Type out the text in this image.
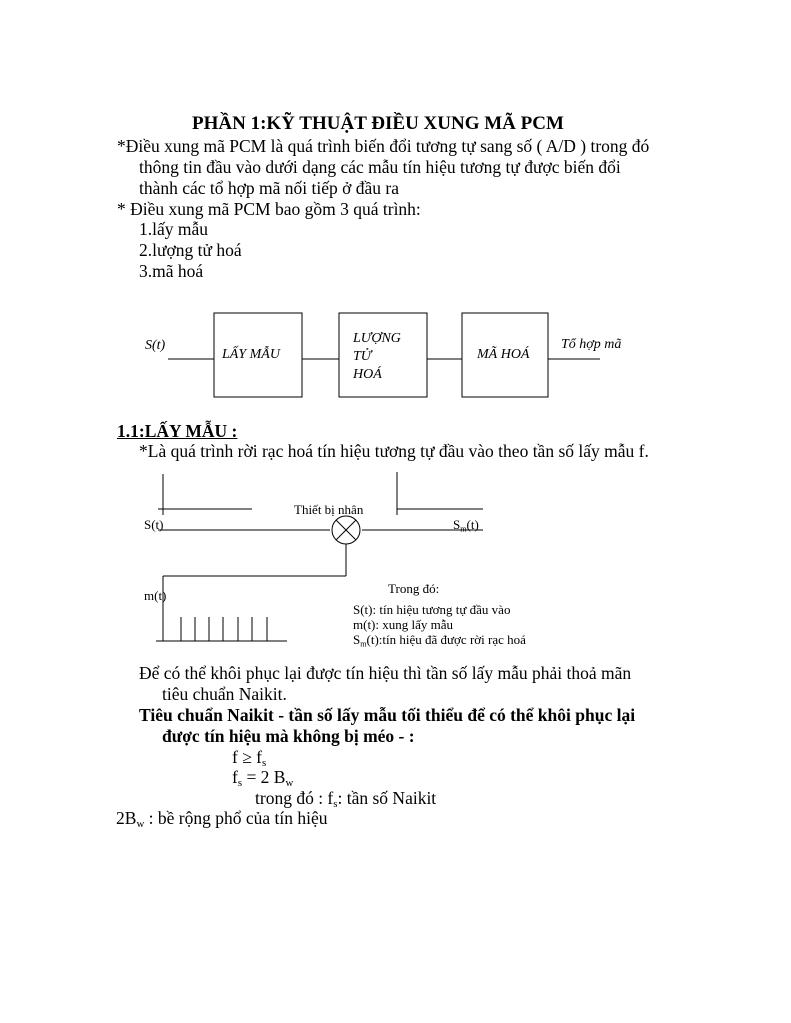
PHẦN 1:KỸ THUẬT ĐIỀU XUNG MÃ PCM
*Điều xung mã PCM là quá trình biến đổi tương tự sang số ( A/D ) trong đó
thông tin đầu vào dưới dạng các mẫu tín hiệu tương tự được biến đổi
thành các tổ hợp mã nối tiếp ở đầu ra
* Điều xung mã PCM bao gồm 3 quá trình:
1.lấy mẫu
2.lượng tử hoá
3.mã hoá
S(t)
LẤY MẪU
LƯỢNG
TỬ
HOÁ
MÃ HOÁ
Tổ hợp mã
1.1:LẤY MẪU :
*Là quá trình rời rạc hoá tín hiệu tương tự đầu vào theo tần số lấy mẫu f.
Thiết bị nhân
S(t)	$S_m(t)$
m(t)	Trong đó:
S(t): tín hiệu tương tự đầu vào
m(t): xung lấy mẫu
$S_m(t):tín$ hiệu đã được rời rạc hoá
Để có thể khôi phục lại được tín hiệu thì tần số lấy mẫu phải thoả mãn
tiêu chuẩn Naikit.
Tiêu chuẩn Naikit - tần số lấy mẫu tối thiểu để có thể khôi phục lại
được tín hiệu mà không bị méo - :
$f \ge f_s$
$f_s = 2$ $B_w$
trong đó : $f_s$: tần số Naikit
$2B_w$ : bề rộng phổ của tín hiệu
